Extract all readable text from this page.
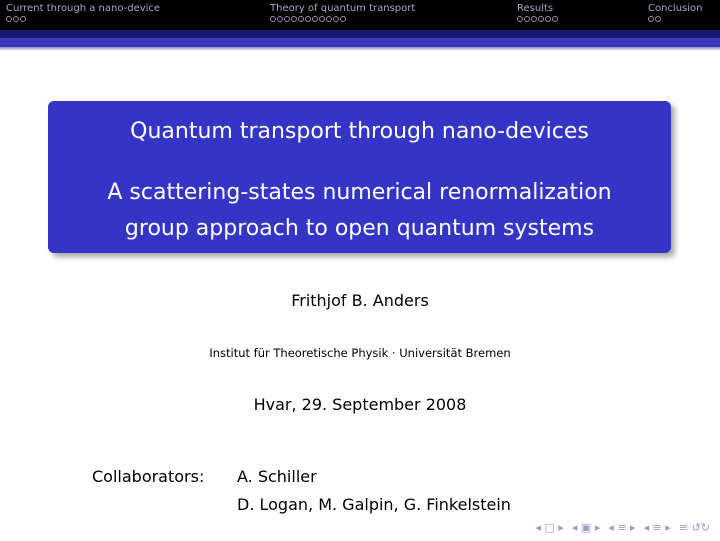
Current through a nano-device	Theory of quantum transport	Results	Conclusion
Quantum transport through nano-devices
A scattering-states numerical renormalization
group approach to open quantum systems
Frithjof B. Anders
Institut für Theoretische Physik · Universität Bremen
Hvar, 29. September 2008
Collaborators: A. Schiller
D. Logan, M. Galpin, G. Finkelstein
◂ □ ▸ ◂ ▣ ▸ ◂ ≡ ▸ ◂ ≡ ▸ ≡ ↺↻
